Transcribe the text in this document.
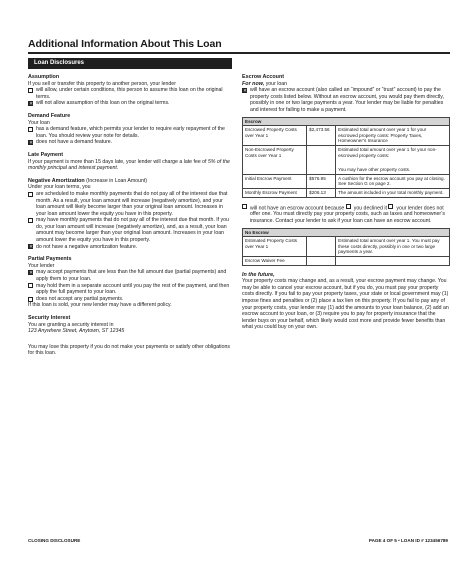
Additional Information About This Loan
Loan Disclosures
Assumption
If you sell or transfer this property to another person, your lender
will allow, under certain conditions, this person to assume this loan on the original terms.
✕
will not allow assumption of this loan on the original terms.
Demand Feature
Your loan
has a demand feature, which permits your lender to require early repayment of the loan. You should review your note for details.
✕
does not have a demand feature.
Late Payment
If your payment is more than 15 days late, your lender will charge a late fee of 5% of the monthly principal and interest payment.
Negative Amortization (Increase in Loan Amount)
Under your loan terms, you
are scheduled to make monthly payments that do not pay all of the interest due that month. As a result, your loan amount will increase (negatively amortize), and your loan amount will likely become larger than your original loan amount. Increases in your loan amount lower the equity you have in this property.
may have monthly payments that do not pay all of the interest due that month. If you do, your loan amount will increase (negatively amortize), and, as a result, your loan amount may become larger than your original loan amount. Increases in your loan amount lower the equity you have in this property.
✕
do not have a negative amortization feature.
Partial Payments
Your lender
✕
may accept payments that are less than the full amount due (partial payments) and apply them to your loan.
may hold them in a separate account until you pay the rest of the payment, and then apply the full payment to your loan.
does not accept any partial payments.
If this loan is sold, your new lender may have a different policy.
Security Interest
You are granting a security interest in
123 Anywhere Street, Anytown, ST 12345
You may lose this property if you do not make your payments or satisfy other obligations for this loan.
Escrow Account
For now, your loan
✕
will have an escrow account (also called an “impound” or “trust” account) to pay the property costs listed below. Without an escrow account, you would pay them directly, possibly in one or two large payments a year. Your lender may be liable for penalties and interest for failing to make a payment.
Escrow		
Escrowed Property Costs over Year 1	$2,473.56	Estimated total amount over year 1 for your escrowed property costs: Property Taxes, Homeowner’s Insurance
Non-Escrowed Property Costs over Year 1		Estimated total amount over year 1 for your non-escrowed property costs:
You may have other property costs.

Initial Escrow Payment	$576.95	A cushion for the escrow account you pay at closing. See Section G on page 2.
Monthly Escrow Payment	$206.13	The amount included in your total monthly payment.
will not have an escrow account because you declined it your lender does not offer one. You must directly pay your property costs, such as taxes and homeowner’s insurance. Contact your lender to ask if your loan can have an escrow account.
No Escrow		
Estimated Property Costs over Year 1		Estimated total amount over year 1. You must pay these costs directly, possibly in one or two large payments a year.
Escrow Waiver Fee		
In the future,
Your property costs may change and, as a result, your escrow payment may change. You may be able to cancel your escrow account, but if you do, you must pay your property costs directly. If you fail to pay your property taxes, your state or local government may (1) impose fines and penalties or (2) place a tax lien on this property. If you fail to pay any of your property costs, your lender may (1) add the amounts to your loan balance, (2) add an escrow account to your loan, or (3) require you to pay for property insurance that the lender buys on your behalf, which likely would cost more and provide fewer benefits than what you could buy on your own.
CLOSING DISCLOSURE	PAGE 4 OF 5 • LOAN ID # 123456789
